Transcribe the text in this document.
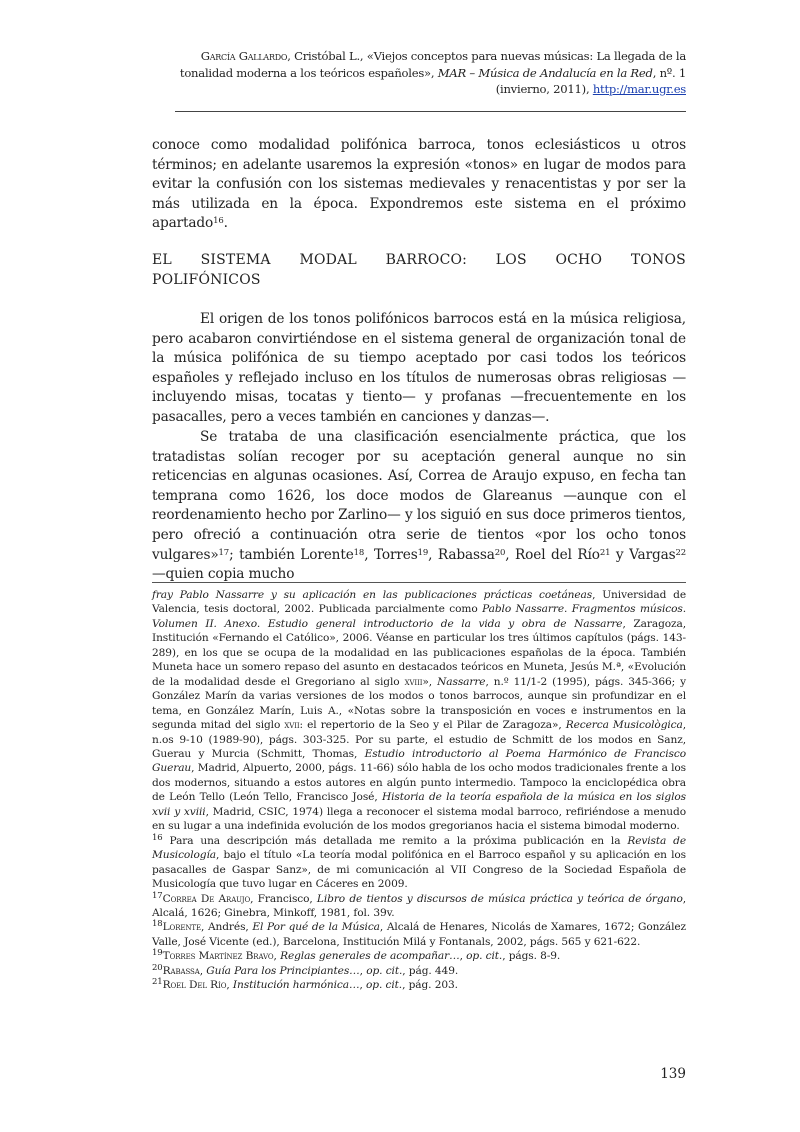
García Gallardo, Cristóbal L., «Viejos conceptos para nuevas músicas: La llegada de la tonalidad moderna a los teóricos españoles», MAR – Música de Andalucía en la Red, nº. 1 (invierno, 2011), http://mar.ugr.es

conoce como modalidad polifónica barroca, tonos eclesiásticos u otros términos; en adelante usaremos la expresión «tonos» en lugar de modos para evitar la confusión con los sistemas medievales y renacentistas y por ser la más utilizada en la época. Expondremos este sistema en el próximo apartado$^{16}$.

EL SISTEMA MODAL BARROCO: LOS OCHO TONOS
POLIFÓNICOS

El origen de los tonos polifónicos barrocos está en la música religiosa, pero acabaron convirtiéndose en el sistema general de organización tonal de la música polifónica de su tiempo aceptado por casi todos los teóricos españoles y reflejado incluso en los títulos de numerosas obras religiosas —incluyendo misas, tocatas y tiento— y profanas —frecuentemente en los pasacalles, pero a veces también en canciones y danzas—.

Se trataba de una clasificación esencialmente práctica, que los tratadistas solían recoger por su aceptación general aunque no sin reticencias en algunas ocasiones. Así, Correa de Araujo expuso, en fecha tan temprana como 1626, los doce modos de Glareanus —aunque con el reordenamiento hecho por Zarlino— y los siguió en sus doce primeros tientos, pero ofreció a continuación otra serie de tientos «por los ocho tonos vulgares»$^{17}$; también Lorente$^{18}$, Torres$^{19}$, Rabassa$^{20}$, Roel del Río$^{21}$ y Vargas$^{22}$ —quien copia mucho

fray Pablo Nassarre y su aplicación en las publicaciones prácticas coetáneas, Universidad de Valencia, tesis doctoral, 2002. Publicada parcialmente como Pablo Nassarre. Fragmentos músicos. Volumen II. Anexo. Estudio general introductorio de la vida y obra de Nassarre, Zaragoza, Institución «Fernando el Católico», 2006. Véanse en particular los tres últimos capítulos (págs. 143-289), en los que se ocupa de la modalidad en las publicaciones españolas de la época. También Muneta hace un somero repaso del asunto en destacados teóricos en Muneta, Jesús M.ª, «Evolución de la modalidad desde el Gregoriano al siglo xviii», Nassarre, n.º 11/1-2 (1995), págs. 345-366; y González Marín da varias versiones de los modos o tonos barrocos, aunque sin profundizar en el tema, en González Marín, Luis A., «Notas sobre la transposición en voces e instrumentos en la segunda mitad del siglo xvii: el repertorio de la Seo y el Pilar de Zaragoza», Recerca Musicològica, n.os 9-10 (1989-90), págs. 303-325. Por su parte, el estudio de Schmitt de los modos en Sanz, Guerau y Murcia (Schmitt, Thomas, Estudio introductorio al Poema Harmónico de Francisco Guerau, Madrid, Alpuerto, 2000, págs. 11-66) sólo habla de los ocho modos tradicionales frente a los dos modernos, situando a estos autores en algún punto intermedio. Tampoco la enciclopédica obra de León Tello (León Tello, Francisco José, Historia de la teoría española de la música en los siglos xvii y xviii, Madrid, CSIC, 1974) llega a reconocer el sistema modal barroco, refiriéndose a menudo en su lugar a una indefinida evolución de los modos gregorianos hacia el sistema bimodal moderno.

$^{16}$ Para una descripción más detallada me remito a la próxima publicación en la Revista de Musicología, bajo el título «La teoría modal polifónica en el Barroco español y su aplicación en los pasacalles de Gaspar Sanz», de mi comunicación al VII Congreso de la Sociedad Española de Musicología que tuvo lugar en Cáceres en 2009.

$^{17}$Correa De Araujo, Francisco, Libro de tientos y discursos de música práctica y teórica de órgano, Alcalá, 1626; Ginebra, Minkoff, 1981, fol. 39v.

$^{18}$Lorente, Andrés, El Por qué de la Música, Alcalá de Henares, Nicolás de Xamares, 1672; González Valle, José Vicente (ed.), Barcelona, Institución Milá y Fontanals, 2002, págs. 565 y 621-622.

$^{19}$Torres Martínez Bravo, Reglas generales de acompañar…, op. cit., págs. 8-9.

$^{20}$Rabassa, Guía Para los Principiantes…, op. cit., pág. 449.

$^{21}$Roel Del Río, Institución harmónica…, op. cit., pág. 203.

139
